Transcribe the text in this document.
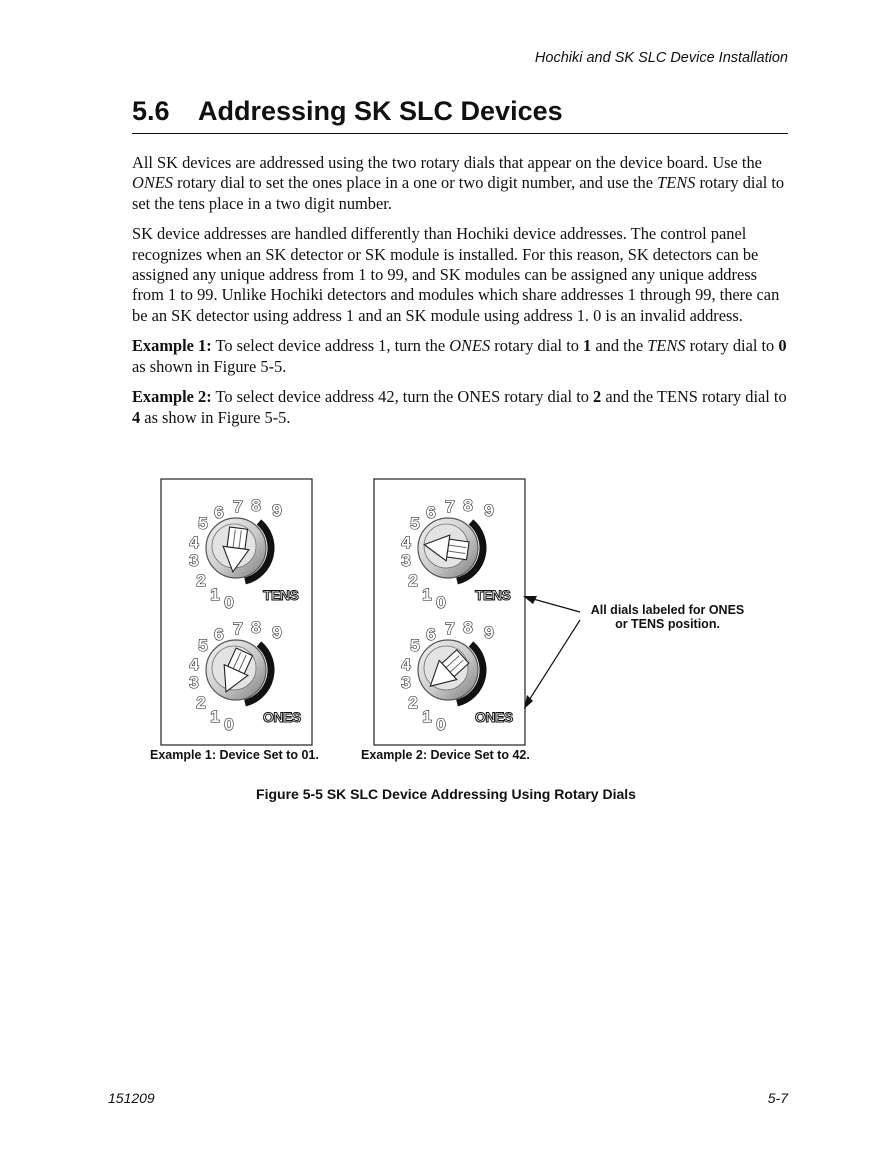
Hochiki and SK SLC Device Installation
5.6 Addressing SK SLC Devices

All SK devices are addressed using the two rotary dials that appear on the device board. Use the ONES rotary dial to set the ones place in a one or two digit number, and use the TENS rotary dial to set the tens place in a two digit number.

SK device addresses are handled differently than Hochiki device addresses. The control panel recognizes when an SK detector or SK module is installed. For this reason, SK detectors can be assigned any unique address from 1 to 99, and SK modules can be assigned any unique address from 1 to 99. Unlike Hochiki detectors and modules which share addresses 1 through 99, there can be an SK detector using address 1 and an SK module using address 1. 0 is an invalid address.

Example 1: To select device address 1, turn the ONES rotary dial to 1 and the TENS rotary dial to 0 as shown in Figure 5-5.

Example 2: To select device address 42, turn the ONES rotary dial to 2 and the TENS rotary dial to 4 as show in Figure 5-5.

0
1
2
3
4
5
6 7 8 9
TENS
0
1
2
3
4
5
6 7 8 9
ONES
0
1
2
3
4
5
6 7 8 9
TENS
0
1
2
3
4
5
6 7 8 9
ONES
Example 1: Device Set to 01.	Example 2: Device Set to 42.
All dials labeled for ONES
or TENS position.
Figure 5-5 SK SLC Device Addressing Using Rotary Dials
151209	5-7
